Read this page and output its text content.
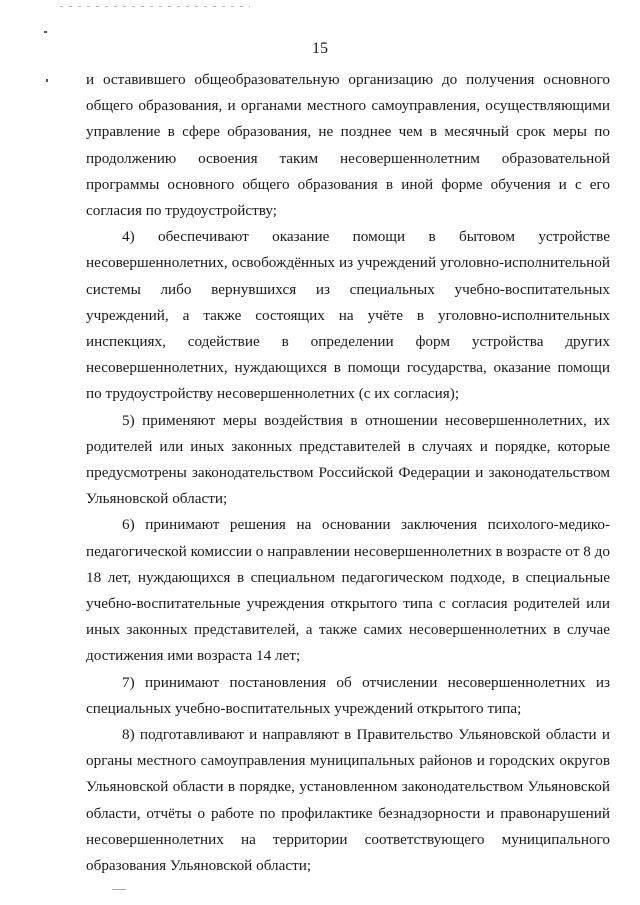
15

и оставившего общеобразовательную организацию до получения основного общего образования, и органами местного самоуправления, осуществляющими управление в сфере образования, не позднее чем в месячный срок меры по продолжению освоения таким несовершеннолетним образовательной программы основного общего образования в иной форме обучения и с его согласия по трудоустройству;

4) обеспечивают оказание помощи в бытовом устройстве несовершеннолетних, освобождённых из учреждений уголовно-исполнительной системы либо вернувшихся из специальных учебно-воспитательных учреждений, а также состоящих на учёте в уголовно-исполнительных инспекциях, содействие в определении форм устройства других несовершеннолетних, нуждающихся в помощи государства, оказание помощи по трудоустройству несовершеннолетних (с их согласия);

5) применяют меры воздействия в отношении несовершеннолетних, их родителей или иных законных представителей в случаях и порядке, которые предусмотрены законодательством Российской Федерации и законодательством Ульяновской области;

6) принимают решения на основании заключения психолого-медико-педагогической комиссии о направлении несовершеннолетних в возрасте от 8 до 18 лет, нуждающихся в специальном педагогическом подходе, в специальные учебно-воспитательные учреждения открытого типа с согласия родителей или иных законных представителей, а также самих несовершеннолетних в случае достижения ими возраста 14 лет;

7) принимают постановления об отчислении несовершеннолетних из специальных учебно-воспитательных учреждений открытого типа;

8) подготавливают и направляют в Правительство Ульяновской области и органы местного самоуправления муниципальных районов и городских округов Ульяновской области в порядке, установленном законодательством Ульяновской области, отчёты о работе по профилактике безнадзорности и правонарушений несовершеннолетних на территории соответствующего муниципального образования Ульяновской области;
